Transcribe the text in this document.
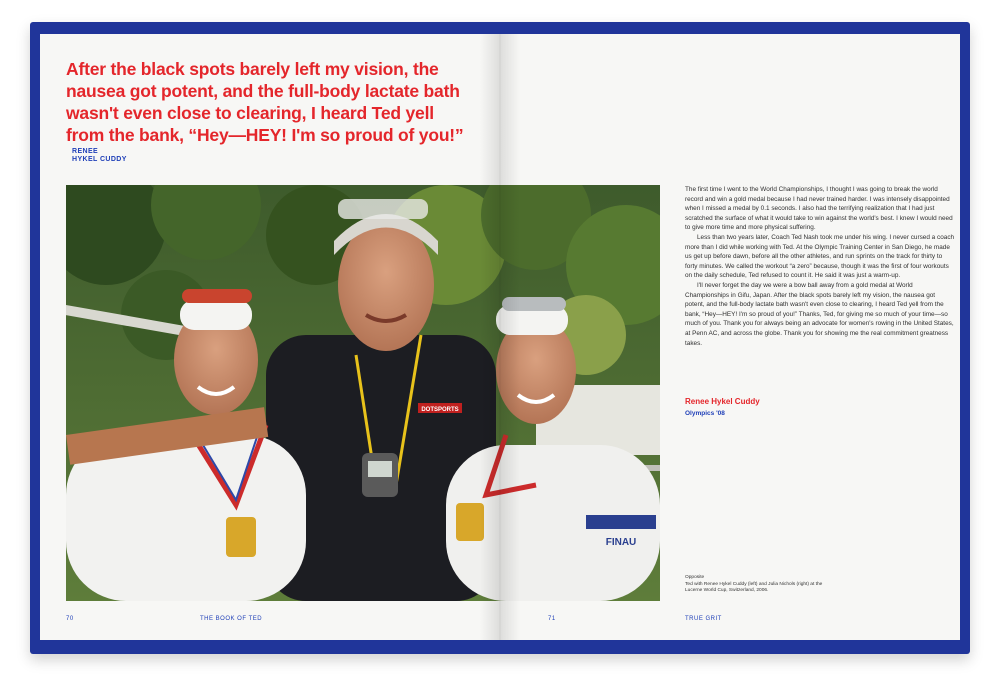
After the black spots barely left my vision, the nausea got potent, and the full-body lactate bath wasn't even close to clearing, I heard Ted yell from the bank, “Hey—HEY! I'm so proud of you!”
RENEE
HYKEL CUDDY
DOTSPORTS
FINAU

The first time I went to the World Championships, I thought I was going to break the world record and win a gold medal because I had never trained harder. I was intensely disappointed when I missed a medal by 0.1 seconds. I also had the terrifying realization that I had just scratched the surface of what it would take to win against the world's best. I knew I would need to give more time and more physical suffering.

Less than two years later, Coach Ted Nash took me under his wing. I never cursed a coach more than I did while working with Ted. At the Olympic Training Center in San Diego, he made us get up before dawn, before all the other athletes, and run sprints on the track for thirty to forty minutes. We called the workout “a zero” because, though it was the first of four workouts on the daily schedule, Ted refused to count it. He said it was just a warm-up.

I'll never forget the day we were a bow ball away from a gold medal at World Championships in Gifu, Japan. After the black spots barely left my vision, the nausea got potent, and the full-body lactate bath wasn't even close to clearing, I heard Ted yell from the bank, “Hey—HEY! I'm so proud of you!” Thanks, Ted, for giving me so much of your time—so much of you. Thank you for always being an advocate for women's rowing in the United States, at Penn AC, and across the globe. Thank you for showing me the real commitment greatness takes.

Renee Hykel Cuddy
Olympics '08
Opposite
Ted with Renee Hykel Cuddy (left) and Julia Nichols (right) at the Lucerne World Cup, Switzerland, 2006.
70	THE BOOK OF TED	71	TRUE GRIT
